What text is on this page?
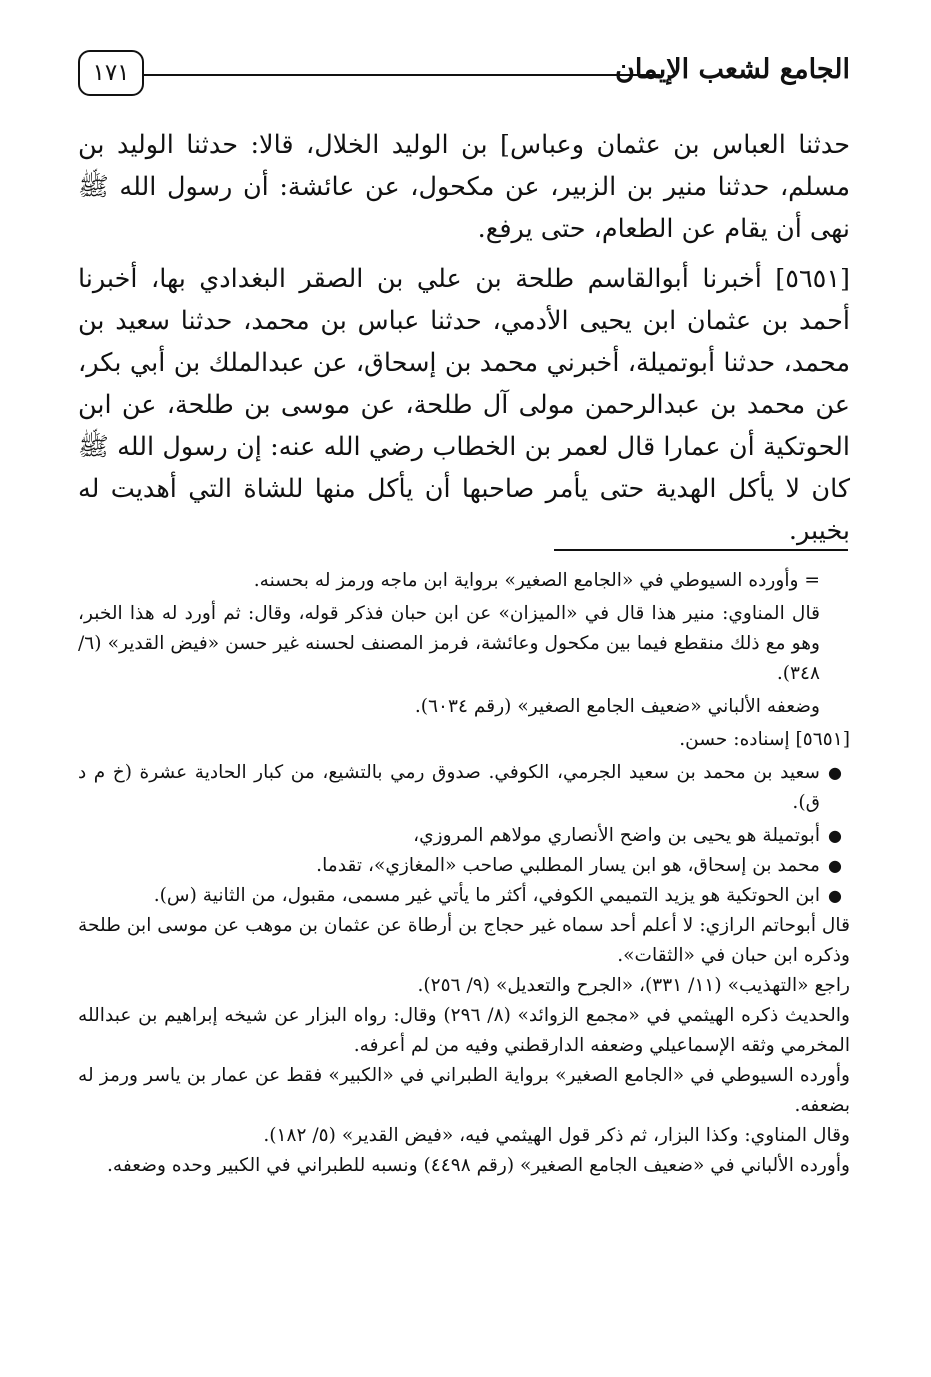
١٧١	الجامع لشعب الإيمان

حدثنا العباس بن عثمان وعباس] بن الوليد الخلال، قالا: حدثنا الوليد بن مسلم، حدثنا منير بن الزبير، عن مكحول، عن عائشة: أن رسول الله ﷺ نهى أن يقام عن الطعام، حتى يرفع.

[٥٦٥١] أخبرنا أبوالقاسم طلحة بن علي بن الصقر البغدادي بها، أخبرنا أحمد بن عثمان ابن يحيى الأدمي، حدثنا عباس بن محمد، حدثنا سعيد بن محمد، حدثنا أبوتميلة، أخبرني محمد بن إسحاق، عن عبدالملك بن أبي بكر، عن محمد بن عبدالرحمن مولى آل طلحة، عن موسى بن طلحة، عن ابن الحوتكية أن عمارا قال لعمر بن الخطاب رضي الله عنه: إن رسول الله ﷺ كان لا يأكل الهدية حتى يأمر صاحبها أن يأكل منها للشاة التي أهديت له بخيبر.

= وأورده السيوطي في «الجامع الصغير» برواية ابن ماجه ورمز له بحسنه.

قال المناوي: منير هذا قال في «الميزان» عن ابن حبان فذكر قوله، وقال: ثم أورد له هذا الخبر، وهو مع ذلك منقطع فيما بين مكحول وعائشة، فرمز المصنف لحسنه غير حسن «فيض القدير» (٦/ ٣٤٨).

وضعفه الألباني «ضعيف الجامع الصغير» (رقم ٦٠٣٤).

[٥٦٥١] إسناده: حسن.

●
سعيد بن محمد بن سعيد الجرمي، الكوفي. صدوق رمي بالتشيع، من كبار الحادية عشرة (خ م د ق).

●
أبوتميلة هو يحيى بن واضح الأنصاري مولاهم المروزي،

●
محمد بن إسحاق، هو ابن يسار المطلبي صاحب «المغازي»، تقدما.

●
ابن الحوتكية هو يزيد التميمي الكوفي، أكثر ما يأتي غير مسمى، مقبول، من الثانية (س).

قال أبوحاتم الرازي: لا أعلم أحد سماه غير حجاج بن أرطاة عن عثمان بن موهب عن موسى ابن طلحة وذكره ابن حبان في «الثقات».

راجع «التهذيب» (١١/ ٣٣١)، «الجرح والتعديل» (٩/ ٢٥٦).

والحديث ذكره الهيثمي في «مجمع الزوائد» (٨/ ٢٩٦) وقال: رواه البزار عن شيخه إبراهيم بن عبدالله المخرمي وثقه الإسماعيلي وضعفه الدارقطني وفيه من لم أعرفه.

وأورده السيوطي في «الجامع الصغير» برواية الطبراني في «الكبير» فقط عن عمار بن ياسر ورمز له بضعفه.

وقال المناوي: وكذا البزار، ثم ذكر قول الهيثمي فيه، «فيض القدير» (٥/ ١٨٢).

وأورده الألباني في «ضعيف الجامع الصغير» (رقم ٤٤٩٨) ونسبه للطبراني في الكبير وحده وضعفه.
